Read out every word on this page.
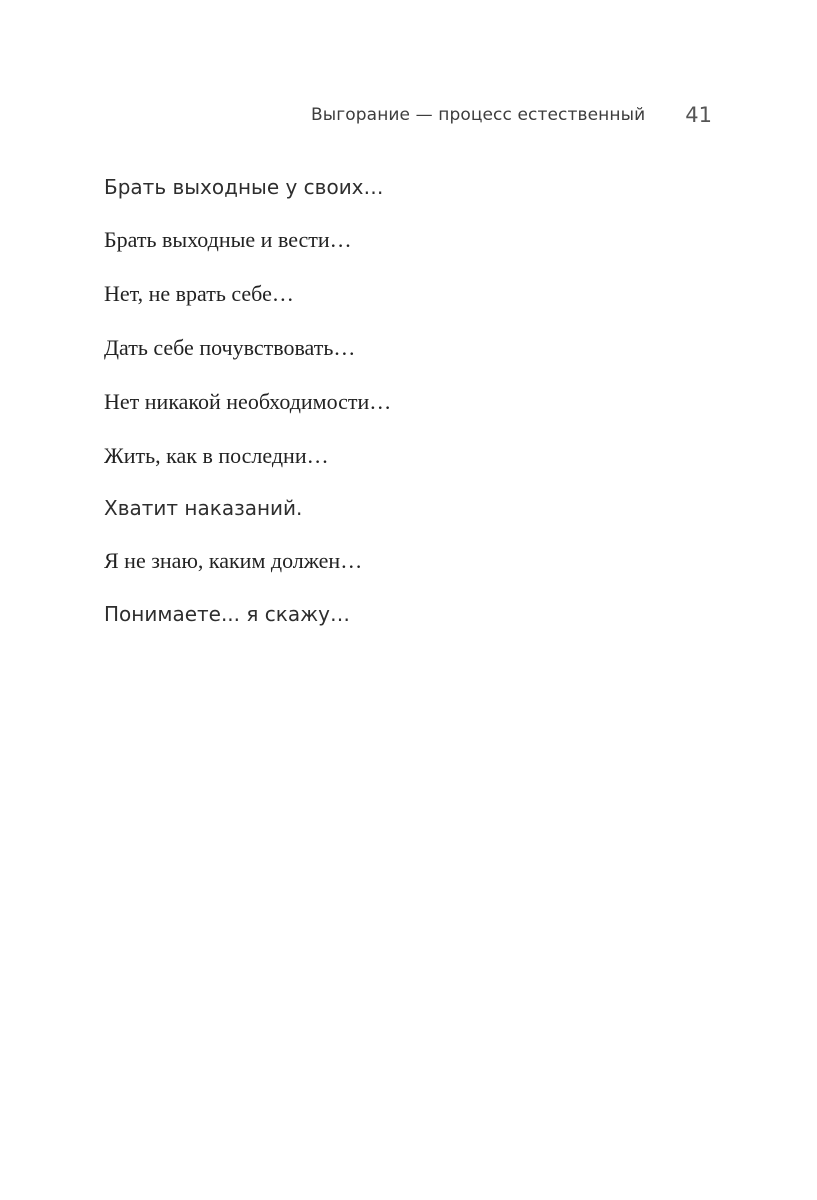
Выгорание — процесс естественный 41

Брать выходные у своих…

Брать выходные и вести…

Нет, не врать себе…

Дать себе почувствовать…

Нет никакой необходимости…

Жить, как в последни…

Хватит наказаний.

Я не знаю, каким должен…

Понимаете... я скажу…
